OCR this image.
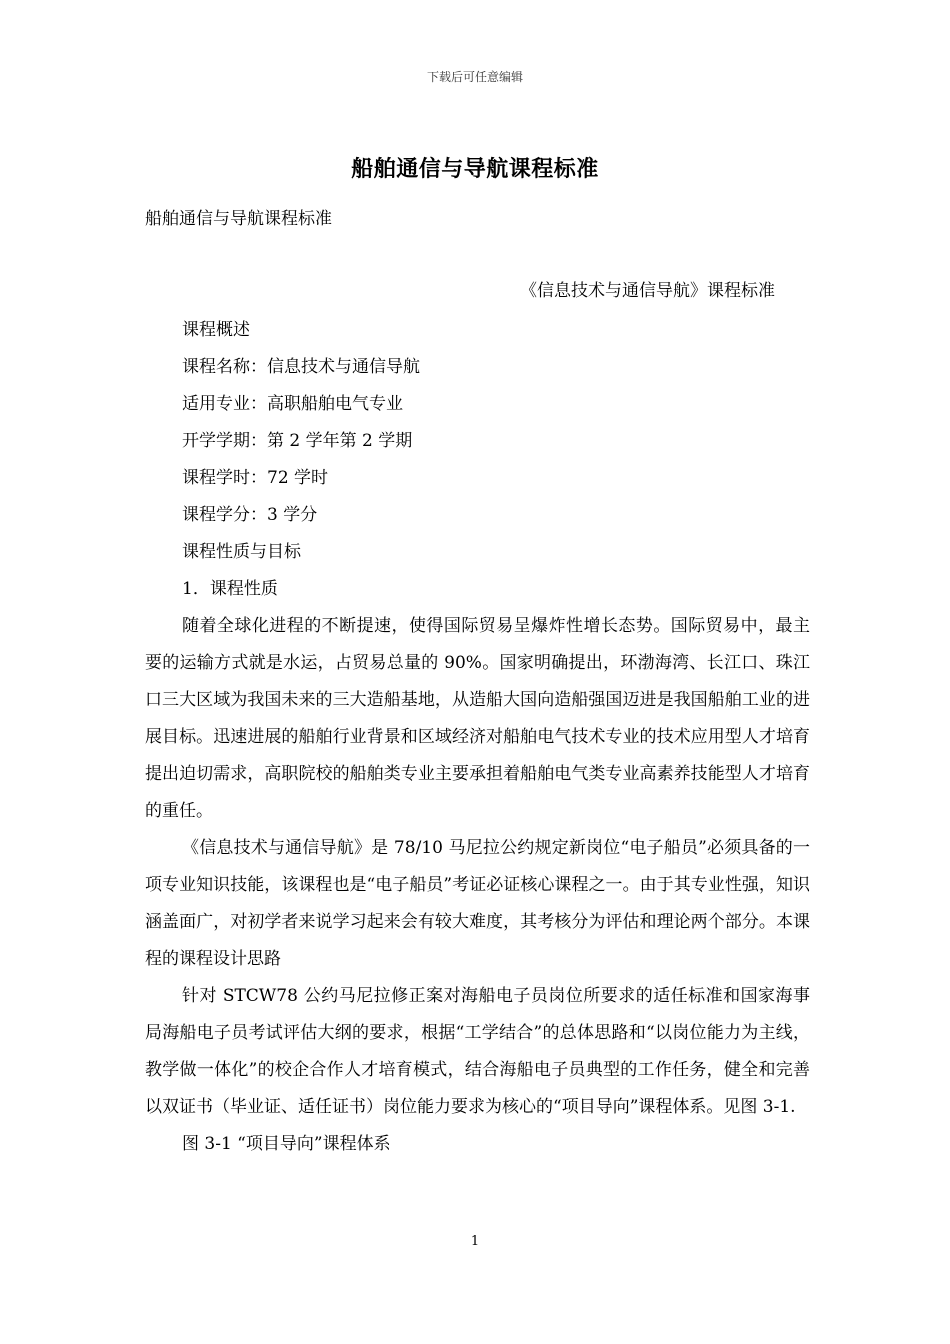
下载后可任意编辑
船舶通信与导航课程标准
船舶通信与导航课程标准
《信息技术与通信导航》课程标准
课程概述
课程名称：信息技术与通信导航
适用专业：高职船舶电气专业
开学学期：第 2 学年第 2 学期
课程学时：72 学时
课程学分：3 学分
课程性质与目标
1．课程性质

随着全球化进程的不断提速，使得国际贸易呈爆炸性增长态势。国际贸易中，最主要的运输方式就是水运，占贸易总量的 90%。国家明确提出，环渤海湾、长江口、珠江口三大区域为我国未来的三大造船基地，从造船大国向造船强国迈进是我国船舶工业的进展目标。迅速进展的船舶行业背景和区域经济对船舶电气技术专业的技术应用型人才培育提出迫切需求，高职院校的船舶类专业主要承担着船舶电气类专业高素养技能型人才培育的重任。

《信息技术与通信导航》是 78/10 马尼拉公约规定新岗位“电子船员”必须具备的一项专业知识技能，该课程也是“电子船员”考证必证核心课程之一。由于其专业性强，知识涵盖面广，对初学者来说学习起来会有较大难度，其考核分为评估和理论两个部分。本课程的课程设计思路

针对 STCW78 公约马尼拉修正案对海船电子员岗位所要求的适任标准和国家海事局海船电子员考试评估大纲的要求，根据“工学结合”的总体思路和“以岗位能力为主线，教学做一体化”的校企合作人才培育模式，结合海船电子员典型的工作任务，健全和完善以双证书（毕业证、适任证书）岗位能力要求为核心的“项目导向”课程体系。见图 3-1.

图 3-1 “项目导向”课程体系
1
